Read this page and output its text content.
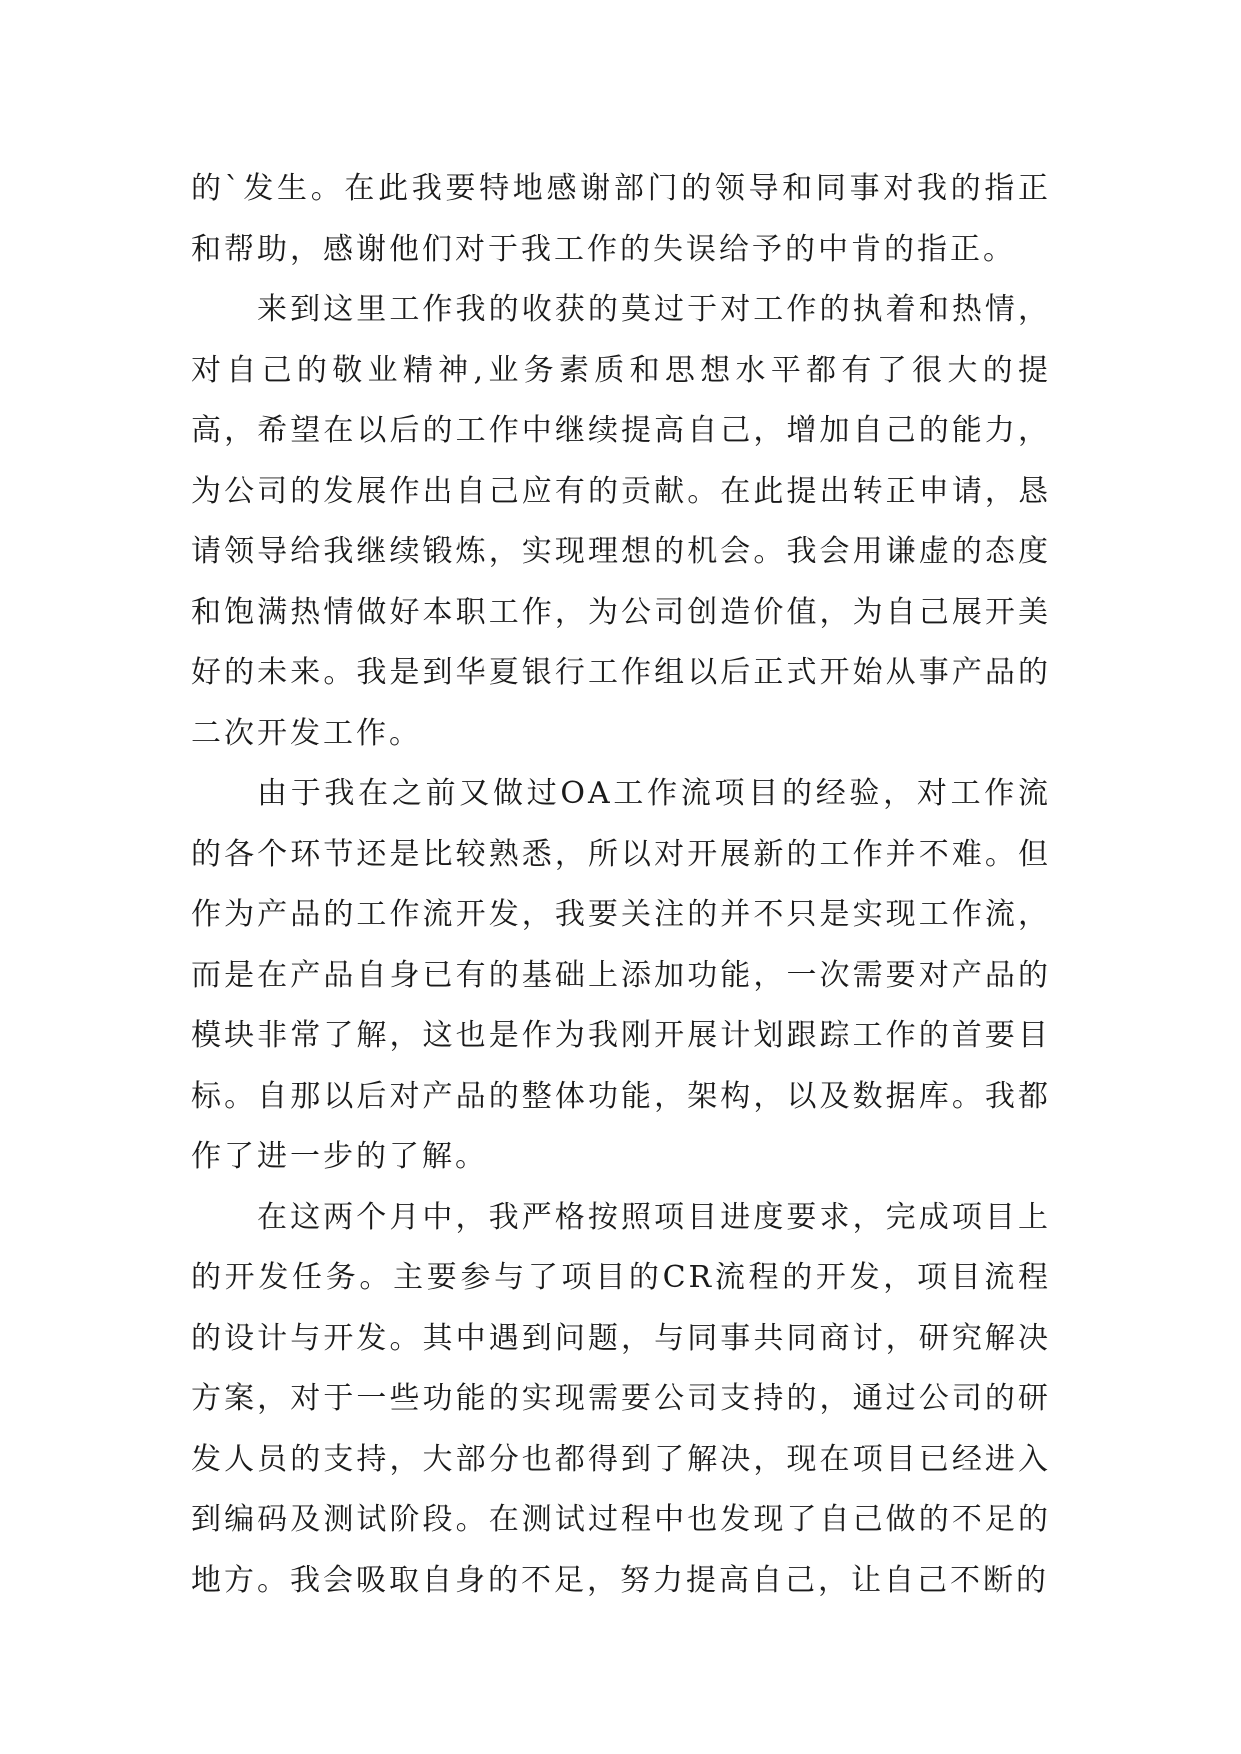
的`发生。在此我要特地感谢部门的领导和同事对我的指正和帮助，感谢他们对于我工作的失误给予的中肯的指正。

来到这里工作我的收获的莫过于对工作的执着和热情，对自己的敬业精神,业务素质和思想水平都有了很大的提高，希望在以后的工作中继续提高自己，增加自己的能力，为公司的发展作出自己应有的贡献。在此提出转正申请，恳请领导给我继续锻炼，实现理想的机会。我会用谦虚的态度和饱满热情做好本职工作，为公司创造价值，为自己展开美好的未来。我是到华夏银行工作组以后正式开始从事产品的二次开发工作。

由于我在之前又做过OA工作流项目的经验，对工作流的各个环节还是比较熟悉，所以对开展新的工作并不难。但作为产品的工作流开发，我要关注的并不只是实现工作流，而是在产品自身已有的基础上添加功能，一次需要对产品的模块非常了解，这也是作为我刚开展计划跟踪工作的首要目标。自那以后对产品的整体功能，架构，以及数据库。我都作了进一步的了解。

在这两个月中，我严格按照项目进度要求，完成项目上的开发任务。主要参与了项目的CR流程的开发，项目流程的设计与开发。其中遇到问题，与同事共同商讨，研究解决方案，对于一些功能的实现需要公司支持的，通过公司的研发人员的支持，大部分也都得到了解决，现在项目已经进入到编码及测试阶段。在测试过程中也发现了自己做的不足的地方。我会吸取自身的不足，努力提高自己，让自己不断的
